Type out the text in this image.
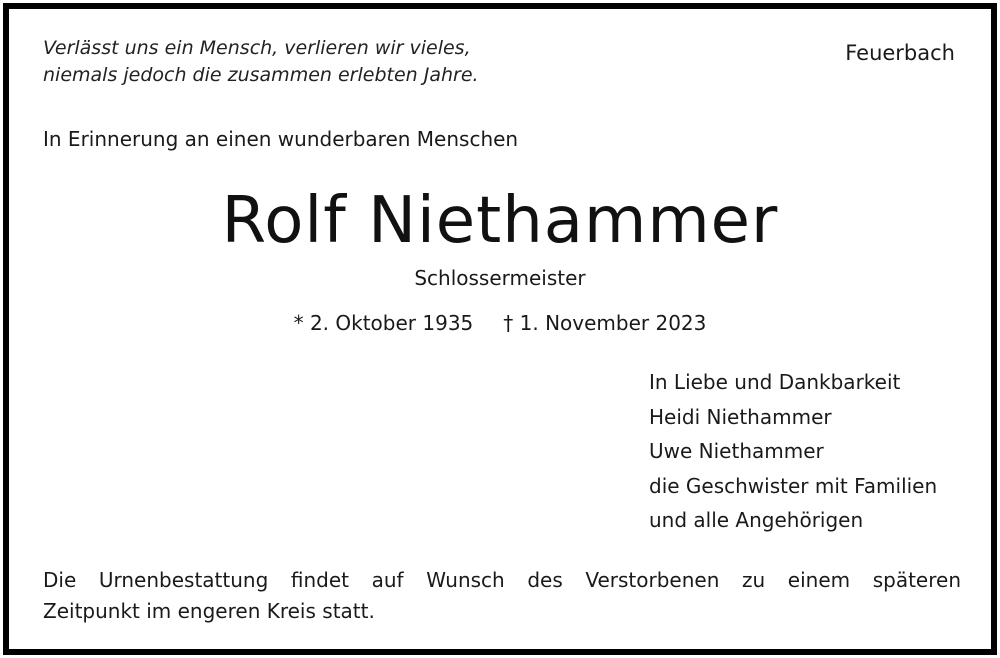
Verlässt uns ein Mensch, verlieren wir vieles,
niemals jedoch die zusammen erlebten Jahre.

Feuerbach
In Erinnerung an einen wunderbaren Menschen
Rolf Niethammer
Schlossermeister
* 2. Oktober 1935 † 1. November 2023
In Liebe und Dankbarkeit
Heidi Niethammer
Uwe Niethammer
die Geschwister mit Familien
und alle Angehörigen

Die Urnenbestattung findet auf Wunsch des Verstorbenen zu einem späteren
Zeitpunkt im engeren Kreis statt.
